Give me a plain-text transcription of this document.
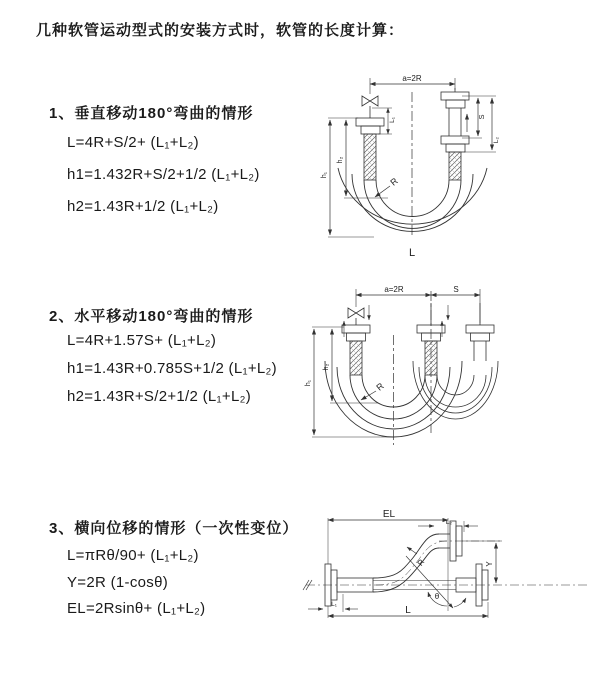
几种软管运动型式的安装方式时，软管的长度计算：
1、垂直移动180°弯曲的情形
L=4R+S/2+ (L₁+L₂)
h1=1.432R+S/2+1/2 (L₁+L₂)
h2=1.43R+1/2 (L₁+L₂)
2、水平移动180°弯曲的情形
L=4R+1.57S+ (L₁+L₂)
h1=1.43R+0.785S+1/2 (L₁+L₂)
h2=1.43R+S/2+1/2 (L₁+L₂)
3、横向位移的情形（一次性变位）
L=πRθ/90+ (L₁+L₂)
Y=2R (1-cosθ)
EL=2Rsinθ+ (L₁+L₂)
a=2R
L₁
S
L₂
h₁
h₂
R
L
a=2R	S
h₁
h₂
R
EL
L₂
L₁
Y
R
θ
L
